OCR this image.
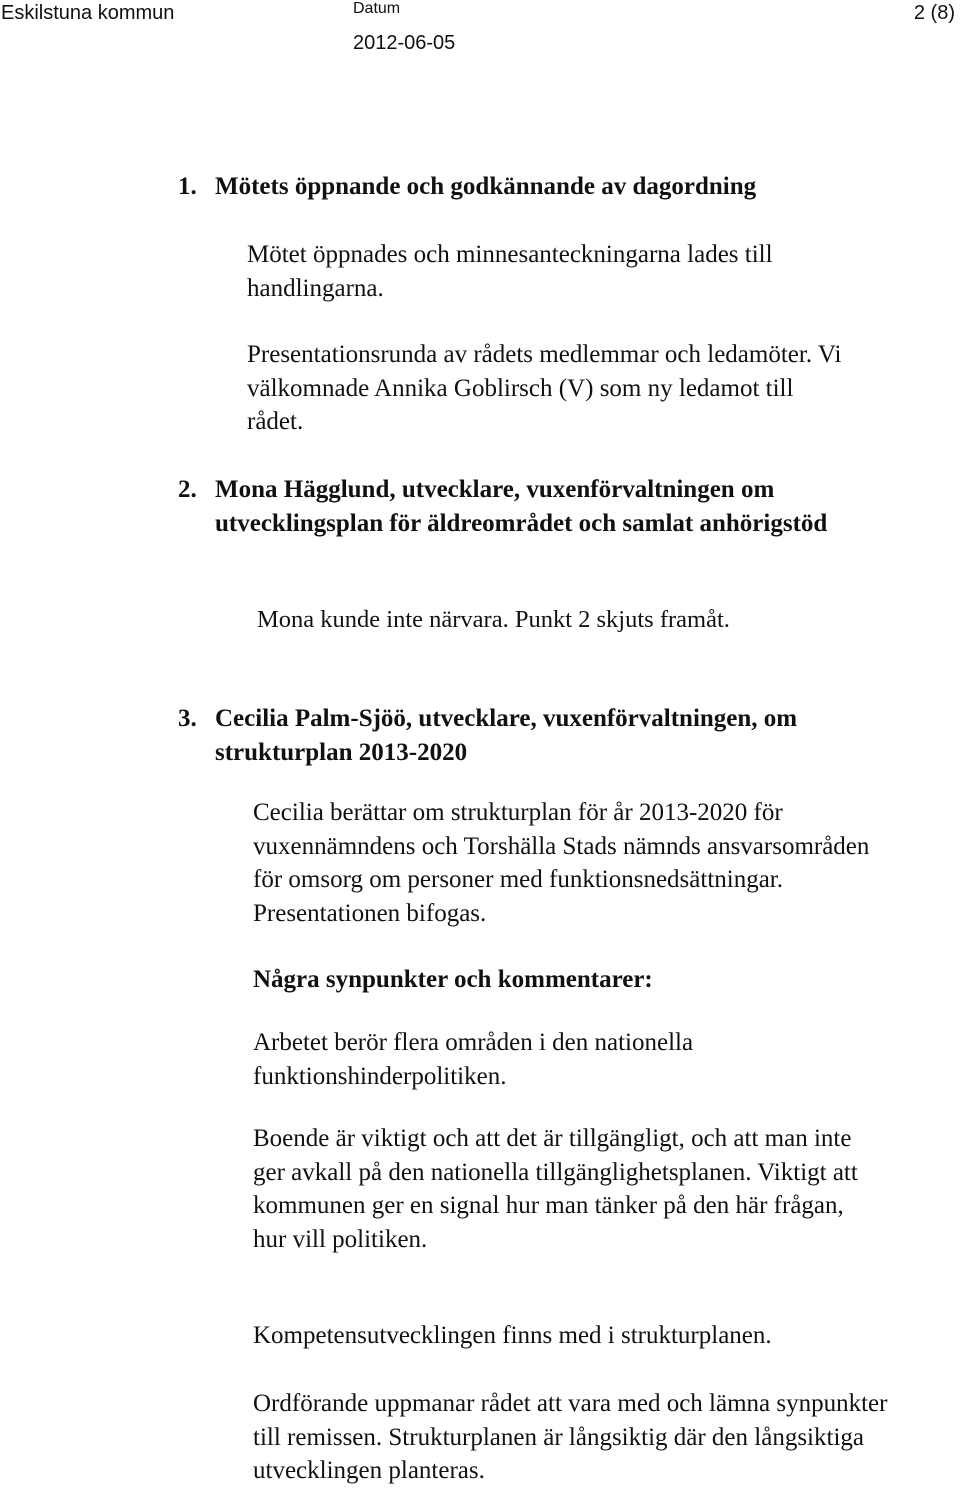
Eskilstuna kommun	Datum
2012-06-05
2 (8)
1. Mötets öppnande och godkännande av dagordning
Mötet öppnades och minnesanteckningarna lades till handlingarna.
Presentationsrunda av rådets medlemmar och ledamöter. Vi välkomnade Annika Goblirsch (V) som ny ledamot till rådet.
2. Mona Hägglund, utvecklare, vuxenförvaltningen om utvecklingsplan för äldreområdet och samlat anhörigstöd
Mona kunde inte närvara. Punkt 2 skjuts framåt.
3. Cecilia Palm-Sjöö, utvecklare, vuxenförvaltningen, om strukturplan 2013-2020
Cecilia berättar om strukturplan för år 2013-2020 för vuxennämndens och Torshälla Stads nämnds ansvarsområden för omsorg om personer med funktionsnedsättningar. Presentationen bifogas.
Några synpunkter och kommentarer:
Arbetet berör flera områden i den nationella funktionshinderpolitiken.
Boende är viktigt och att det är tillgängligt, och att man inte ger avkall på den nationella tillgänglighetsplanen. Viktigt att kommunen ger en signal hur man tänker på den här frågan, hur vill politiken.
Kompetensutvecklingen finns med i strukturplanen.
Ordförande uppmanar rådet att vara med och lämna synpunkter till remissen. Strukturplanen är långsiktig där den långsiktiga utvecklingen planteras.
